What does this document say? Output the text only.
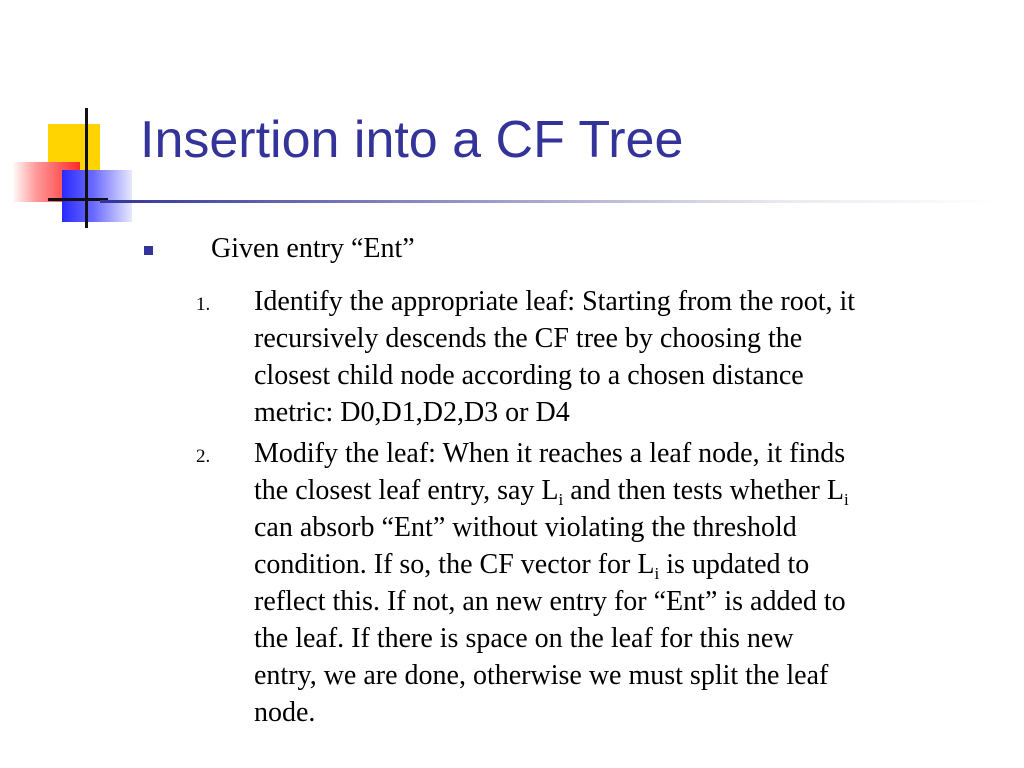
Insertion into a CF Tree
Given entry “Ent”
1. Identify the appropriate leaf: Starting from the root, it
recursively descends the CF tree by choosing the
closest child node according to a chosen distance
metric: D0,D1,D2,D3 or D4
2. Modify the leaf: When it reaches a leaf node, it finds
the closest leaf entry, say $L_i$ and then tests whether $L_i$
can absorb “Ent” without violating the threshold
condition. If so, the CF vector for $L_i$ is updated to
reflect this. If not, an new entry for “Ent” is added to
the leaf. If there is space on the leaf for this new
entry, we are done, otherwise we must split the leaf
node.
